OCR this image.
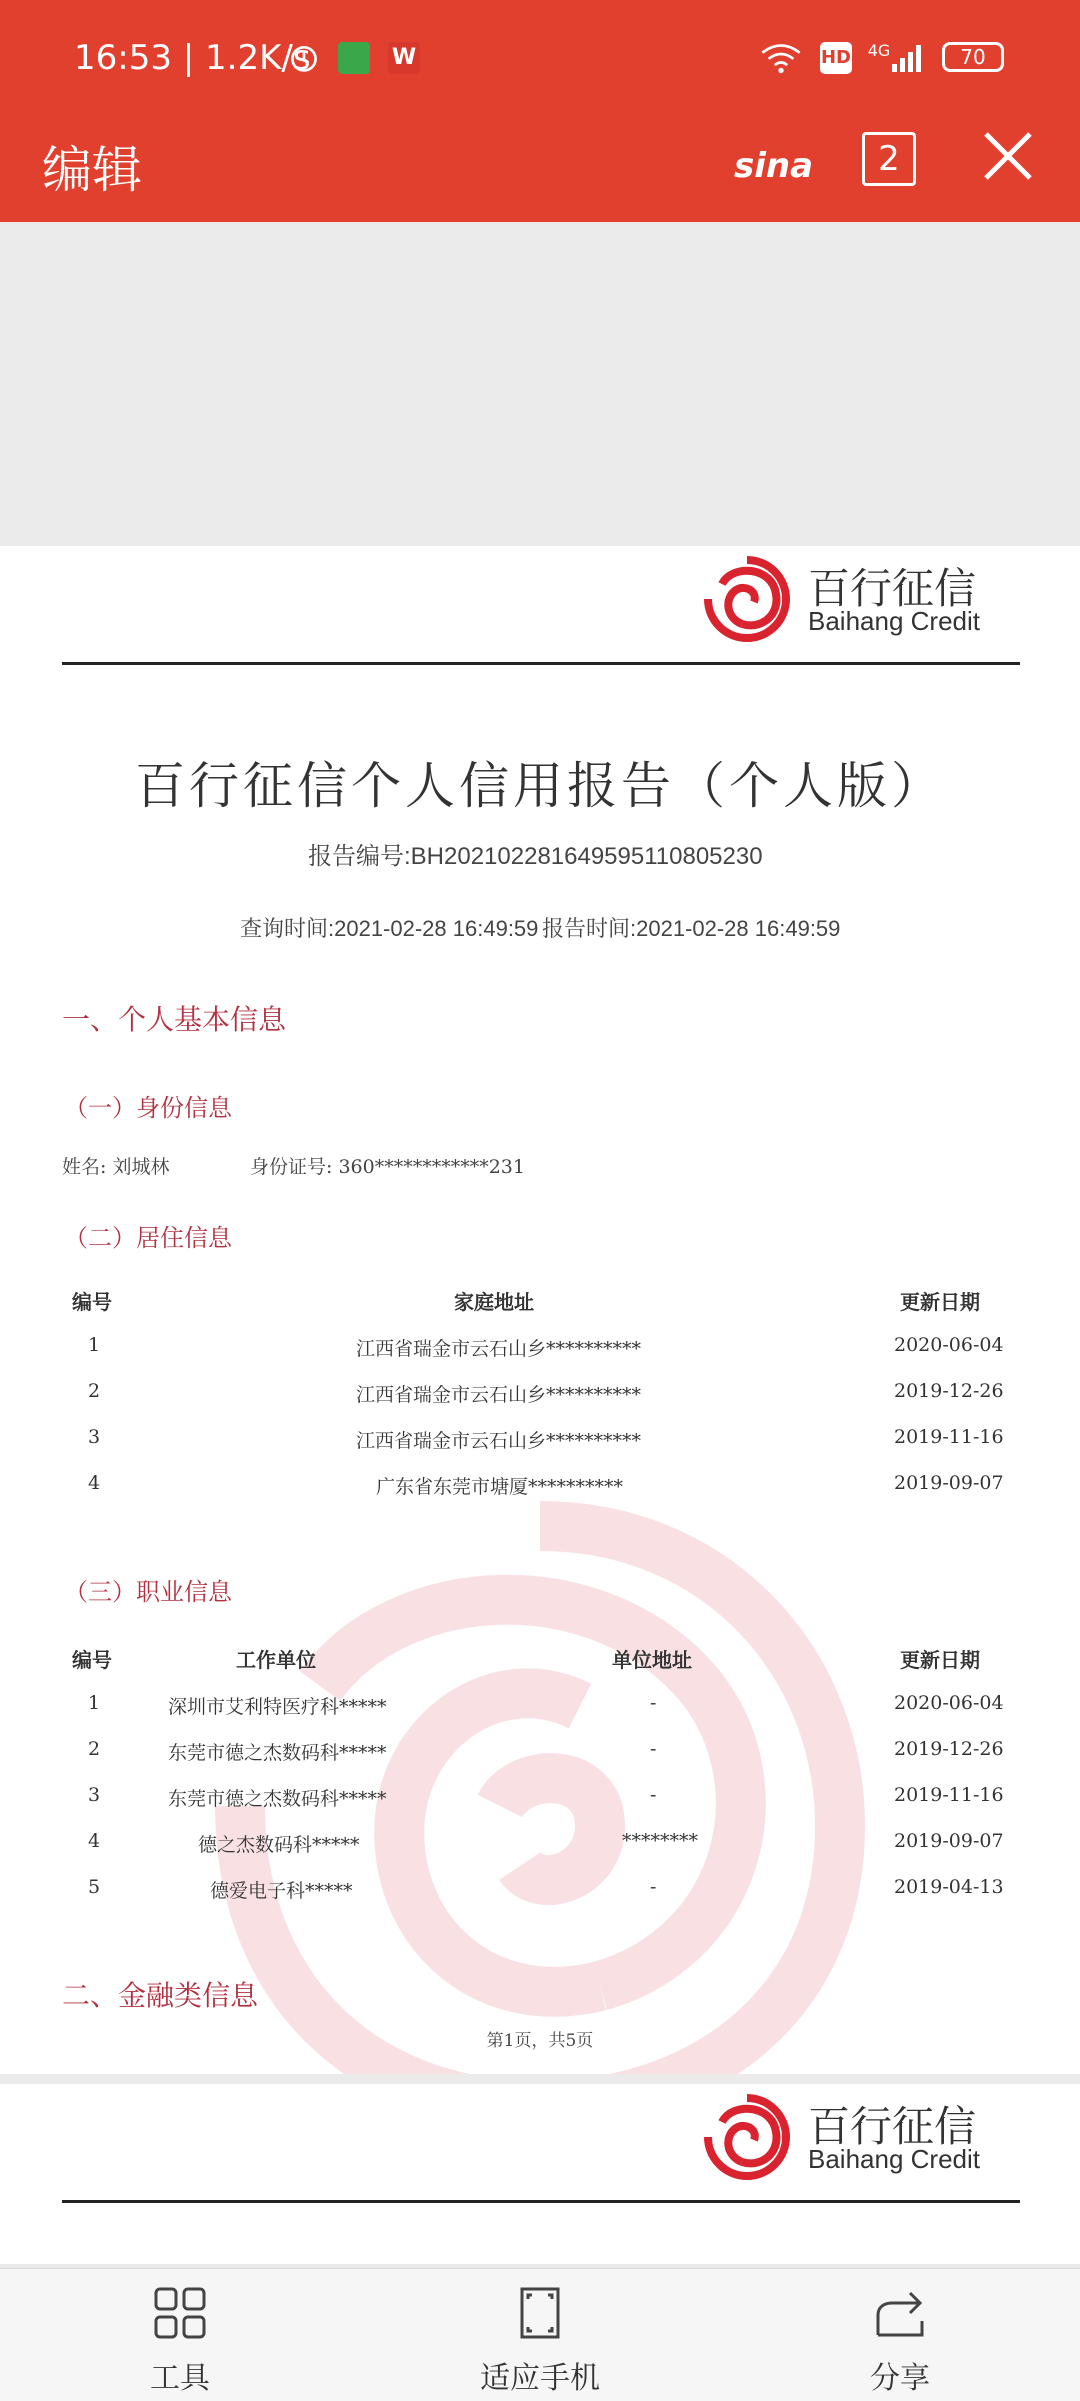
16:53 | 1.2K/s	W	HD 4G	70
编辑	sina	2
百行征信
Baihang Credit
百行征信个人信用报告（个人版）
报告编号:BH20210228164959511080523​0
查询时间:2021-02-28 16:49:59 报告时间:2021-02-28 16:49:59
一、个人基本信息
（一）身份信息
姓名: 刘城林	身份证号: 360************231
（二）居住信息
编号	家庭地址	更新日期
1	江西省瑞金市云石山乡**********	2020-06-04
2	江西省瑞金市云石山乡**********	2019-12-26
3	江西省瑞金市云石山乡**********	2019-11-16
4	广东省东莞市塘厦**********	2019-09-07
（三）职业信息
编号	工作单位	单位地址	更新日期
1	深圳市艾利特医疗科*****	-	2020-06-04
2	东莞市德之杰数码科*****	-	2019-12-26
3	东莞市德之杰数码科*****	-	2019-11-16
4	德之杰数码科*****	********	2019-09-07
5	德爱电子科*****	-	2019-04-13
二、金融类信息
第1页，共5页
百行征信
Baihang Credit
工具	适应手机	分享
